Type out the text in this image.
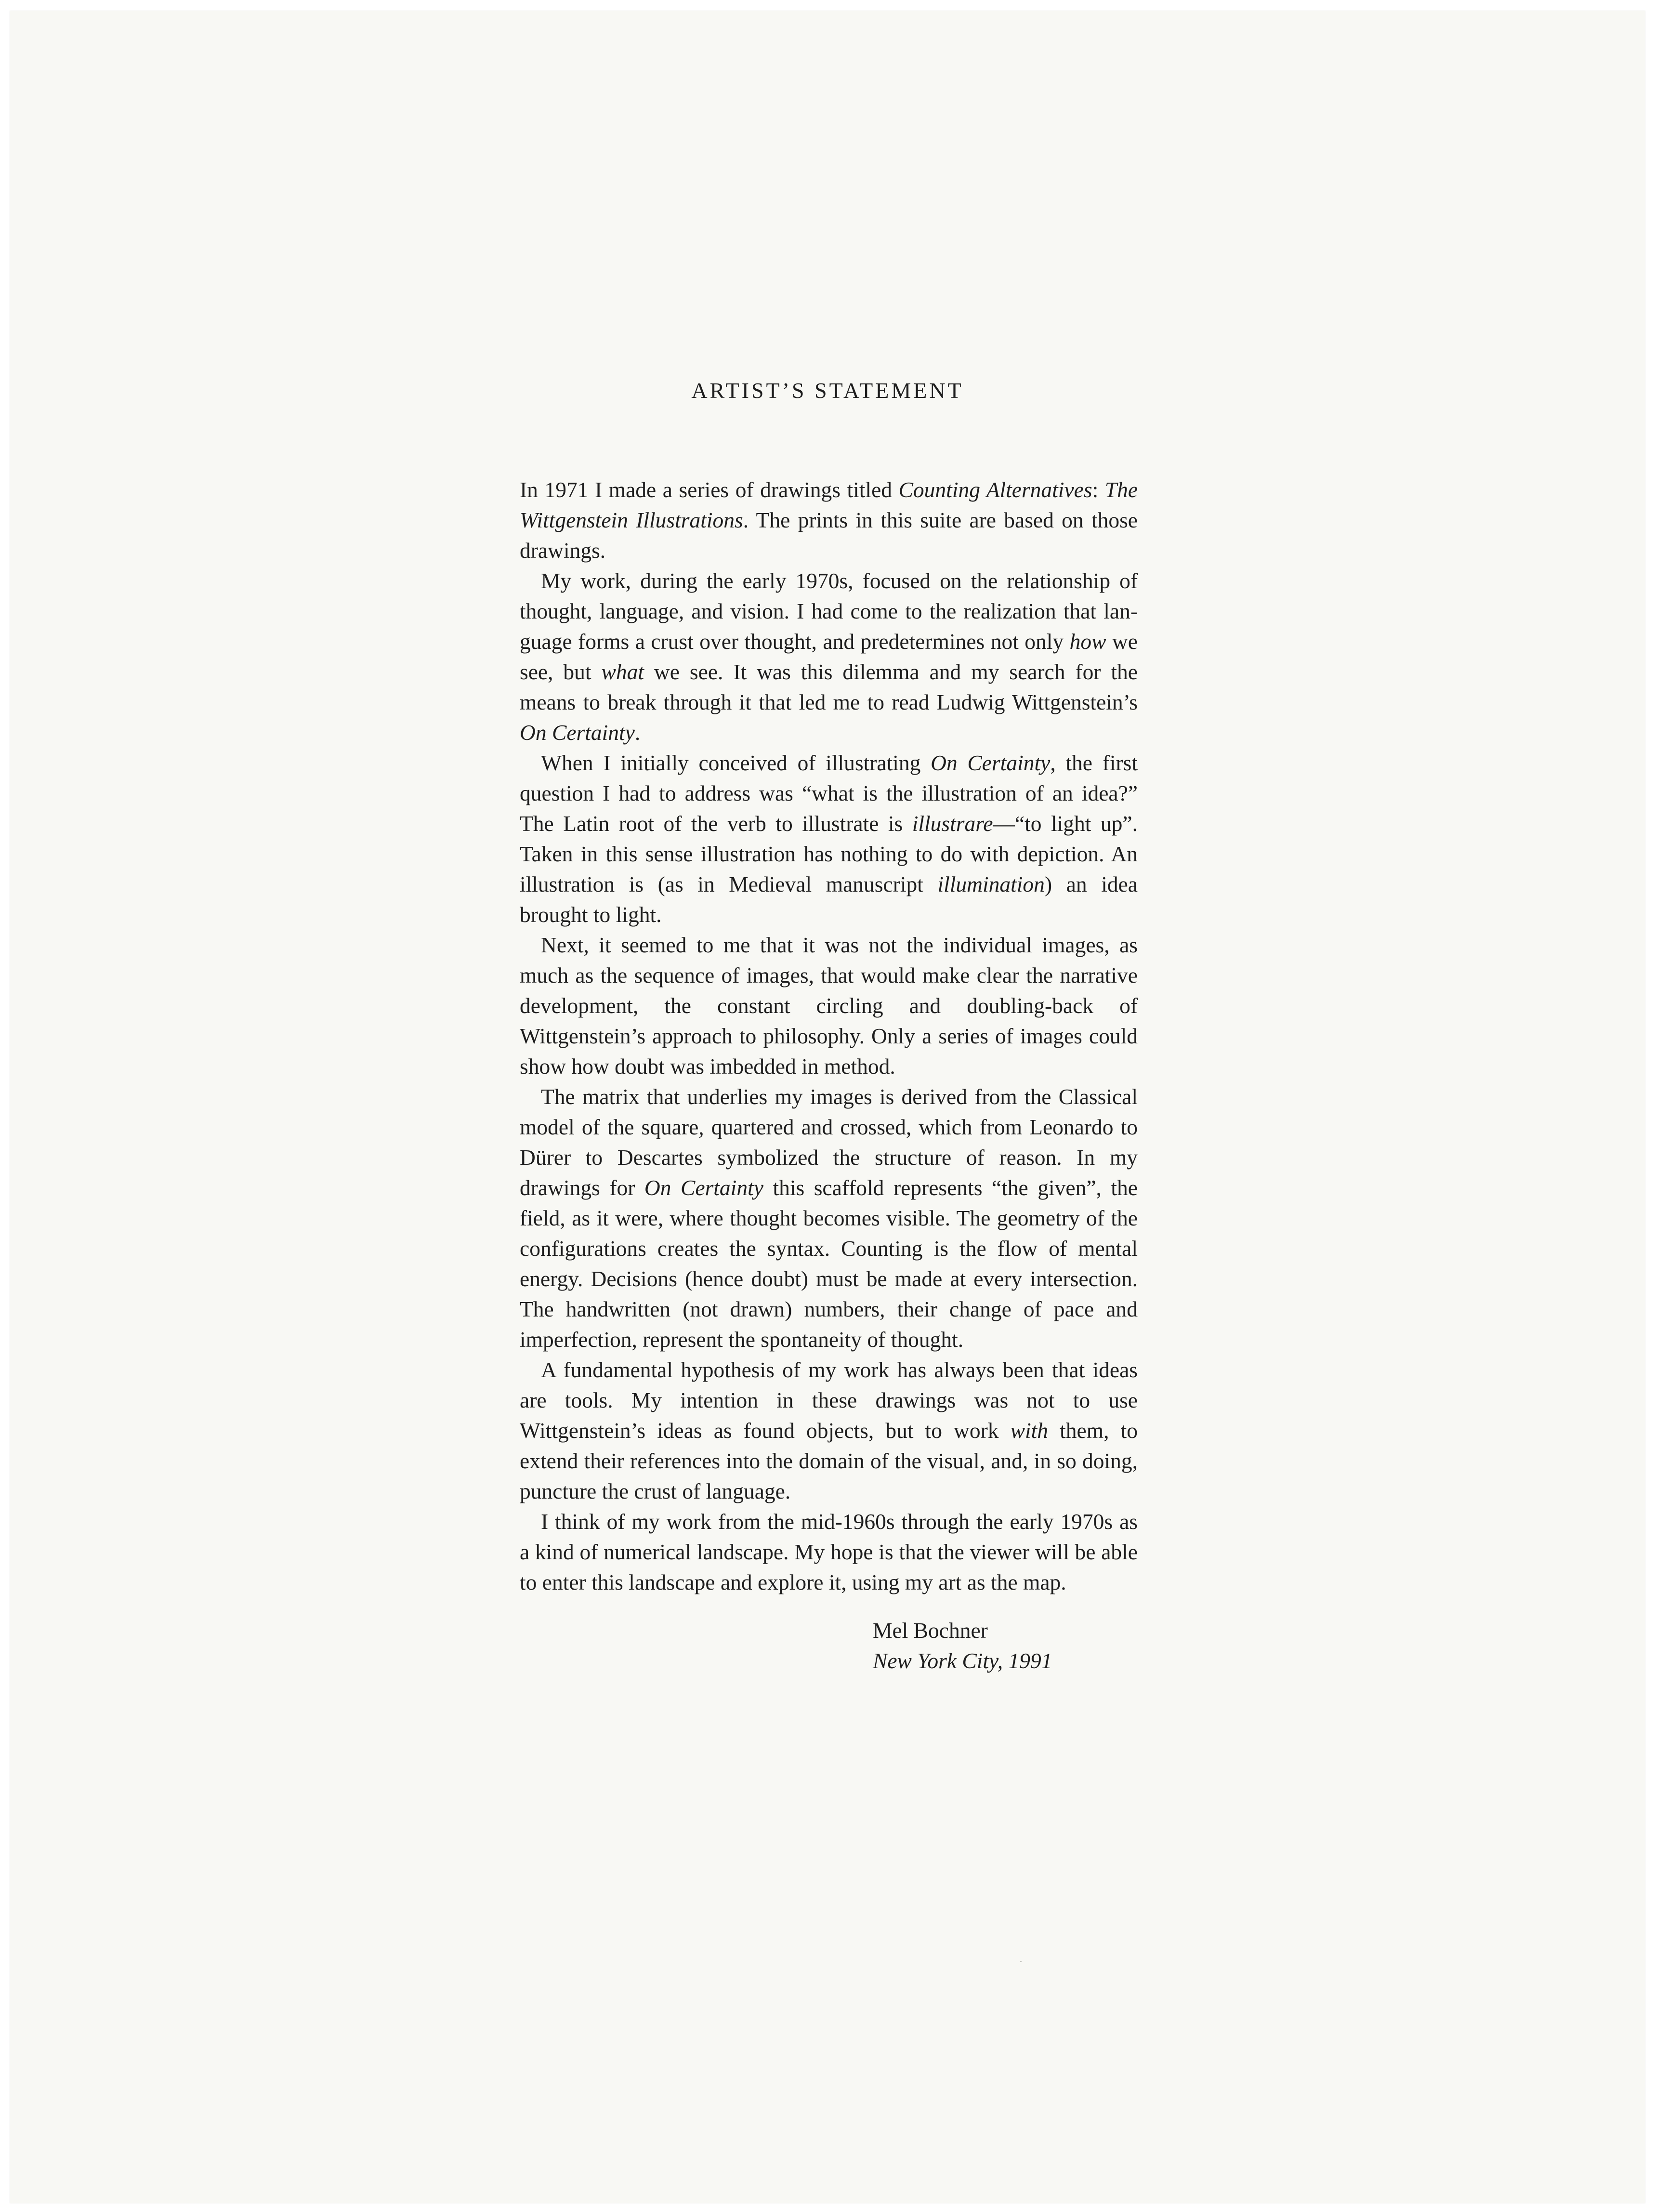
ARTIST’S STATEMENT

In 1971 I made a series of drawings titled Counting Alternatives: The Wittgenstein Illustrations. The prints in this suite are based on those drawings.

My work, during the early 1970s, focused on the relationship of thought, language, and vision. I had come to the realization that language forms a crust over thought, and predetermines not only how we see, but what we see. It was this dilemma and my search for the means to break through it that led me to read Ludwig Wittgenstein’s On Certainty.

When I initially conceived of illustrating On Certainty, the first question I had to address was “what is the illustration of an idea?” The Latin root of the verb to illustrate is illustrare—“to light up”. Taken in this sense illustration has nothing to do with depiction. An illustration is (as in Medieval manuscript illumination) an idea brought to light.

Next, it seemed to me that it was not the individual images, as much as the sequence of images, that would make clear the narrative development, the constant circling and doubling-back of Wittgenstein’s approach to philosophy. Only a series of images could show how doubt was imbedded in method.

The matrix that underlies my images is derived from the Classical model of the square, quartered and crossed, which from Leonardo to Dürer to Descartes symbolized the structure of reason. In my drawings for On Certainty this scaffold represents “the given”, the field, as it were, where thought becomes visible. The geometry of the configurations creates the syntax. Counting is the flow of mental energy. Decisions (hence doubt) must be made at every intersection. The handwritten (not drawn) numbers, their change of pace and imperfection, represent the spontaneity of thought.

A fundamental hypothesis of my work has always been that ideas are tools. My intention in these drawings was not to use Wittgenstein’s ideas as found objects, but to work with them, to extend their references into the domain of the visual, and, in so doing, puncture the crust of language.

I think of my work from the mid-1960s through the early 1970s as a kind of numerical landscape. My hope is that the viewer will be able to enter this landscape and explore it, using my art as the map.

Mel Bochner
New York City, 1991
